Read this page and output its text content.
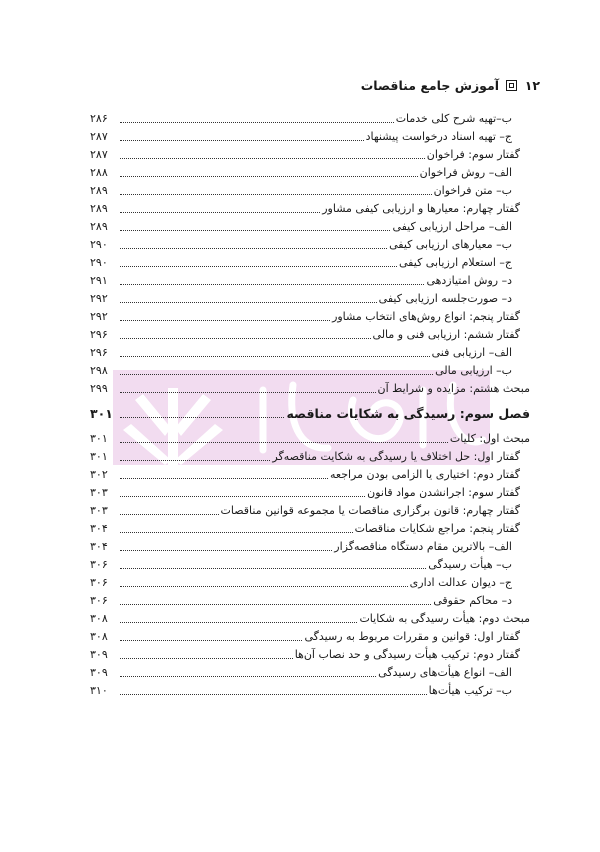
۱۲  آموزش جامع مناقصات
ب–تهیه شرح کلی خدمات
۲۸۶
ج– تهیه اسناد درخواست پیشنهاد
۲۸۷
گفتار سوم: فراخوان
۲۸۷
الف– روش فراخوان
۲۸۸
ب– متن فراخوان
۲۸۹
گفتار چهارم: معیارها و ارزیابی کیفی مشاور
۲۸۹
الف– مراحل ارزیابی کیفی
۲۸۹
ب– معیارهای ارزیابی کیفی
۲۹۰
ج– استعلام ارزیابی کیفی
۲۹۰
د– روش امتیازدهی
۲۹۱
د– صورت‌جلسه ارزیابی کیفی
۲۹۲
گفتار پنجم: انواع روش‌های انتخاب مشاور
۲۹۲
گفتار ششم: ارزیابی فنی و مالی
۲۹۶
الف– ارزیابی فنی
۲۹۶
ب– ارزیابی مالی
۲۹۸
مبحث هشتم: مزایده و شرایط آن
۲۹۹
فصل سوم: رسیدگی به شکایات مناقصه
۳۰۱
مبحث اول: کلیات
۳۰۱
گفتار اول: حل اختلاف یا رسیدگی به شکایت مناقصه‌گر
۳۰۱
گفتار دوم: اختیاری یا الزامی بودن مراجعه
۳۰۲
گفتار سوم: اجرانشدن مواد قانون
۳۰۳
گفتار چهارم: قانون برگزاری مناقصات یا مجموعه قوانین مناقصات
۳۰۳
گفتار پنجم: مراجع شکایات مناقصات
۳۰۴
الف– بالاترین مقام دستگاه مناقصه‌گزار
۳۰۴
ب– هیأت رسیدگی
۳۰۶
ج– دیوان عدالت اداری
۳۰۶
د– محاکم حقوقی
۳۰۶
مبحث دوم: هیأت رسیدگی به شکایات
۳۰۸
گفتار اول: قوانین و مقررات مربوط به رسیدگی
۳۰۸
گفتار دوم: ترکیب هیأت رسیدگی و حد نصاب آن‌ها
۳۰۹
الف– انواع هیأت‌های رسیدگی
۳۰۹
ب– ترکیب هیأت‌ها
۳۱۰
